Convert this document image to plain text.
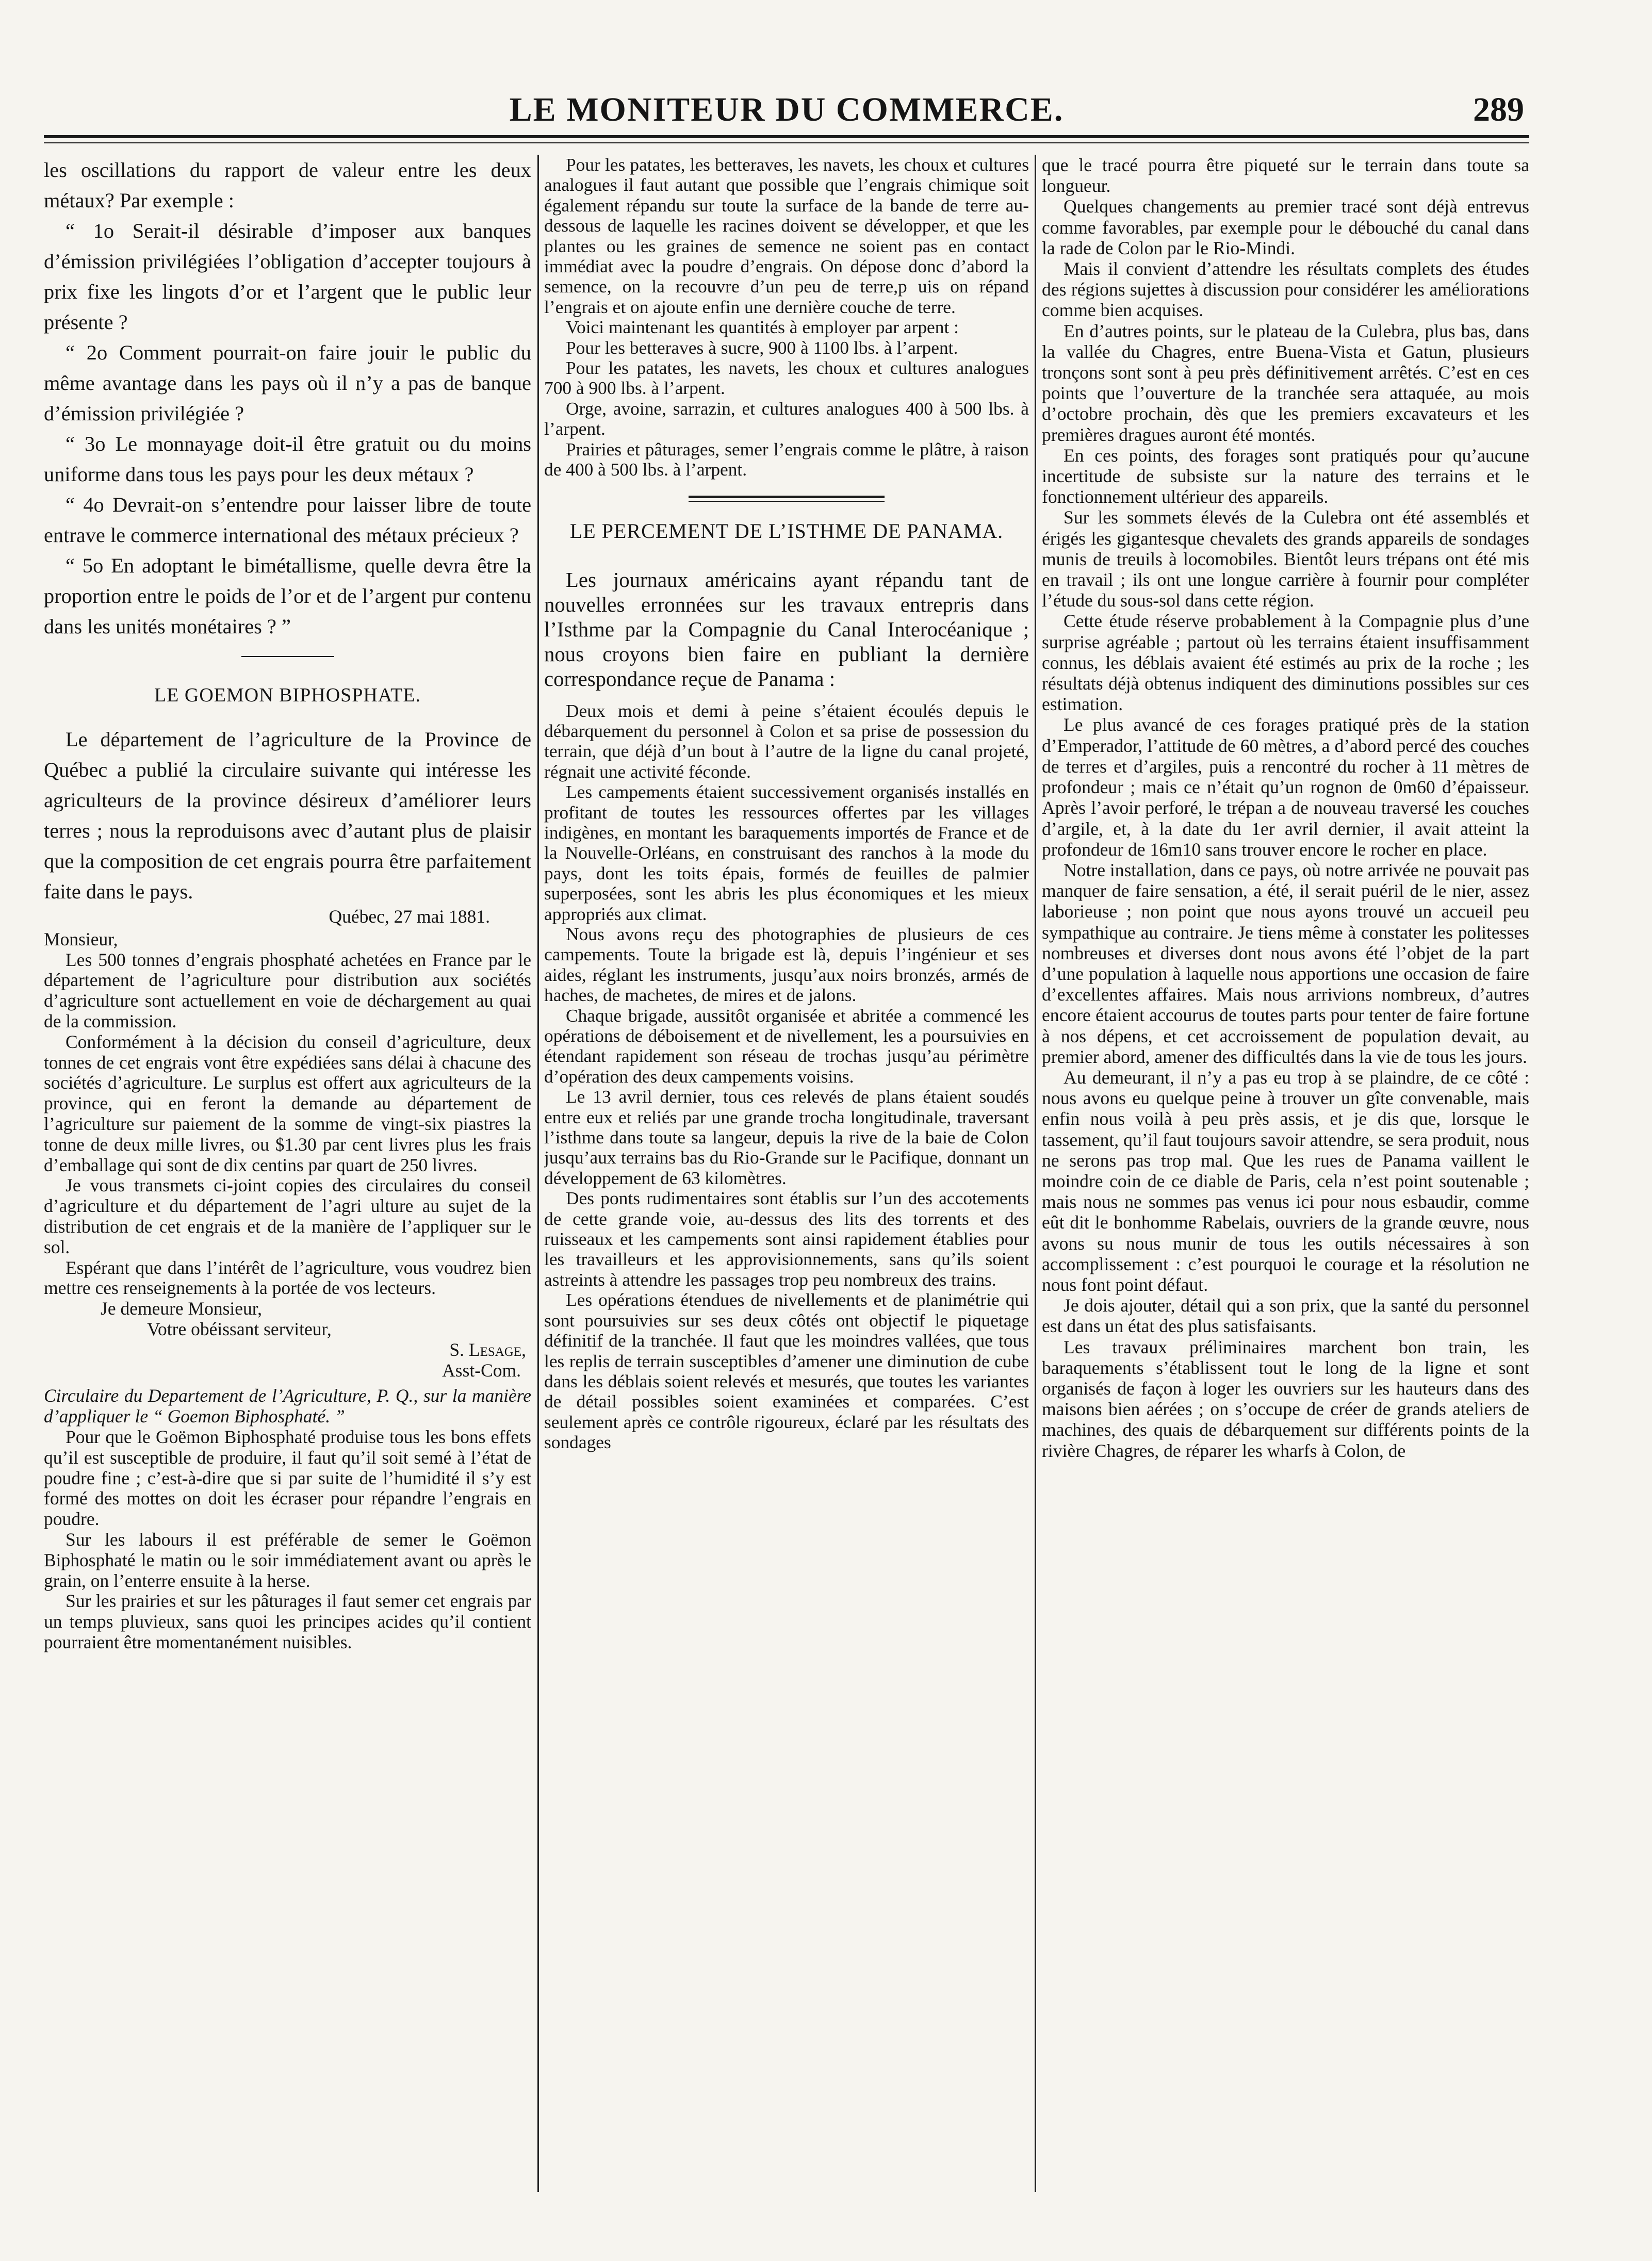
LE MONITEUR DU COMMERCE.	289

les oscillations du rapport de valeur entre les deux métaux? Par exemple :

“ 1o Serait-il désirable d’imposer aux banques d’émission privilégiées l’obligation d’accepter toujours à prix fixe les lingots d’or et l’argent que le public leur présente ?

“ 2o Comment pourrait-on faire jouir le public du même avantage dans les pays où il n’y a pas de banque d’émission privilégiée ?

“ 3o Le monnayage doit-il être gratuit ou du moins uniforme dans tous les pays pour les deux métaux ?

“ 4o Devrait-on s’entendre pour laisser libre de toute entrave le commerce international des métaux précieux ?

“ 5o En adoptant le bimétallisme, quelle devra être la proportion entre le poids de l’or et de l’argent pur contenu dans les unités monétaires ? ”

LE GOEMON BIPHOSPHATE.

Le département de l’agriculture de la Province de Québec a publié la circulaire suivante qui intéresse les agriculteurs de la province désireux d’améliorer leurs terres ; nous la reproduisons avec d’autant plus de plaisir que la composition de cet engrais pourra être parfaitement faite dans le pays.

Québec, 27 mai 1881.

Monsieur,

Les 500 tonnes d’engrais phosphaté achetées en France par le département de l’agriculture pour distribution aux sociétés d’agriculture sont actuellement en voie de déchargement au quai de la commission.

Conformément à la décision du conseil d’agriculture, deux tonnes de cet engrais vont être expédiées sans délai à chacune des sociétés d’agriculture. Le surplus est offert aux agriculteurs de la province, qui en feront la demande au département de l’agriculture sur paiement de la somme de vingt-six piastres la tonne de deux mille livres, ou $1.30 par cent livres plus les frais d’emballage qui sont de dix centins par quart de 250 livres.

Je vous transmets ci-joint copies des circulaires du conseil d’agriculture et du département de l’agri ulture au sujet de la distribution de cet engrais et de la manière de l’appliquer sur le sol.

Espérant que dans l’intérêt de l’agriculture, vous voudrez bien mettre ces renseignements à la portée de vos lecteurs.

Je demeure Monsieur,

Votre obéissant serviteur,

S. Lesage,

Asst-Com.

Circulaire du Departement de l’Agriculture, P. Q., sur la manière d’appliquer le “ Goemon Biphosphaté. ”

Pour que le Goëmon Biphosphaté produise tous les bons effets qu’il est susceptible de produire, il faut qu’il soit semé à l’état de poudre fine ; c’est-à-dire que si par suite de l’humidité il s’y est formé des mottes on doit les écraser pour répandre l’engrais en poudre.

Sur les labours il est préférable de semer le Goëmon Biphosphaté le matin ou le soir immédiatement avant ou après le grain, on l’enterre ensuite à la herse.

Sur les prairies et sur les pâturages il faut semer cet engrais par un temps pluvieux, sans quoi les principes acides qu’il contient pourraient être momentanément nuisibles.

Pour les patates, les betteraves, les navets, les choux et cultures analogues il faut autant que possible que l’engrais chimique soit également répandu sur toute la surface de la bande de terre au-dessous de laquelle les racines doivent se développer, et que les plantes ou les graines de semence ne soient pas en contact immédiat avec la poudre d’engrais. On dépose donc d’abord la semence, on la recouvre d’un peu de terre,p uis on répand l’engrais et on ajoute enfin une dernière couche de terre.

Voici maintenant les quantités à employer par arpent :

Pour les betteraves à sucre, 900 à 1100 lbs. à l’arpent.

Pour les patates, les navets, les choux et cultures analogues 700 à 900 lbs. à l’arpent.

Orge, avoine, sarrazin, et cultures analogues 400 à 500 lbs. à l’arpent.

Prairies et pâturages, semer l’engrais comme le plâtre, à raison de 400 à 500 lbs. à l’arpent.

LE PERCEMENT DE L’ISTHME DE PANAMA.

Les journaux américains ayant répandu tant de nouvelles erronnées sur les travaux entrepris dans l’Isthme par la Compagnie du Canal Interocéanique ; nous croyons bien faire en publiant la dernière correspondance reçue de Panama :

Deux mois et demi à peine s’étaient écoulés depuis le débarquement du personnel à Colon et sa prise de possession du terrain, que déjà d’un bout à l’autre de la ligne du canal projeté, régnait une activité féconde.

Les campements étaient successivement organisés installés en profitant de toutes les ressources offertes par les villages indigènes, en montant les baraquements importés de France et de la Nouvelle-Orléans, en construisant des ranchos à la mode du pays, dont les toits épais, formés de feuilles de palmier superposées, sont les abris les plus économiques et les mieux appropriés aux climat.

Nous avons reçu des photographies de plusieurs de ces campements. Toute la brigade est là, depuis l’ingénieur et ses aides, réglant les instruments, jusqu’aux noirs bronzés, armés de haches, de machetes, de mires et de jalons.

Chaque brigade, aussitôt organisée et abritée a commencé les opérations de déboisement et de nivellement, les a poursuivies en étendant rapidement son réseau de trochas jusqu’au périmètre d’opération des deux campements voisins.

Le 13 avril dernier, tous ces relevés de plans étaient soudés entre eux et reliés par une grande trocha longitudinale, traversant l’isthme dans toute sa langeur, depuis la rive de la baie de Colon jusqu’aux terrains bas du Rio-Grande sur le Pacifique, donnant un développement de 63 kilomètres.

Des ponts rudimentaires sont établis sur l’un des accotements de cette grande voie, au-dessus des lits des torrents et des ruisseaux et les campements sont ainsi rapidement établies pour les travailleurs et les approvisionnements, sans qu’ils soient astreints à attendre les passages trop peu nombreux des trains.

Les opérations étendues de nivellements et de planimétrie qui sont poursuivies sur ses deux côtés ont objectif le piquetage définitif de la tranchée. Il faut que les moindres vallées, que tous les replis de terrain susceptibles d’amener une diminution de cube dans les déblais soient relevés et mesurés, que toutes les variantes de détail possibles soient examinées et comparées. C’est seulement après ce contrôle rigoureux, éclaré par les résultats des sondages

que le tracé pourra être piqueté sur le terrain dans toute sa longueur.

Quelques changements au premier tracé sont déjà entrevus comme favorables, par exemple pour le débouché du canal dans la rade de Colon par le Rio-Mindi.

Mais il convient d’attendre les résultats complets des études des régions sujettes à discussion pour considérer les améliorations comme bien acquises.

En d’autres points, sur le plateau de la Culebra, plus bas, dans la vallée du Chagres, entre Buena-Vista et Gatun, plusieurs tronçons sont sont à peu près définitivement arrêtés. C’est en ces points que l’ouverture de la tranchée sera attaquée, au mois d’octobre prochain, dès que les premiers excavateurs et les premières dragues auront été montés.

En ces points, des forages sont pratiqués pour qu’aucune incertitude de subsiste sur la nature des terrains et le fonctionnement ultérieur des appareils.

Sur les sommets élevés de la Culebra ont été assemblés et érigés les gigantesque chevalets des grands appareils de sondages munis de treuils à locomobiles. Bientôt leurs trépans ont été mis en travail ; ils ont une longue carrière à fournir pour compléter l’étude du sous-sol dans cette région.

Cette étude réserve probablement à la Compagnie plus d’une surprise agréable ; partout où les terrains étaient insuffisamment connus, les déblais avaient été estimés au prix de la roche ; les résultats déjà obtenus indiquent des diminutions possibles sur ces estimation.

Le plus avancé de ces forages pratiqué près de la station d’Emperador, l’attitude de 60 mètres, a d’abord percé des couches de terres et d’argiles, puis a rencontré du rocher à 11 mètres de profondeur ; mais ce n’était qu’un rognon de 0m60 d’épaisseur. Après l’avoir perforé, le trépan a de nouveau traversé les couches d’argile, et, à la date du 1er avril dernier, il avait atteint la profondeur de 16m10 sans trouver encore le rocher en place.

Notre installation, dans ce pays, où notre arrivée ne pouvait pas manquer de faire sensation, a été, il serait puéril de le nier, assez laborieuse ; non point que nous ayons trouvé un accueil peu sympathique au contraire. Je tiens même à constater les politesses nombreuses et diverses dont nous avons été l’objet de la part d’une population à laquelle nous apportions une occasion de faire d’excellentes affaires. Mais nous arrivions nombreux, d’autres encore étaient accourus de toutes parts pour tenter de faire fortune à nos dépens, et cet accroissement de population devait, au premier abord, amener des difficultés dans la vie de tous les jours.

Au demeurant, il n’y a pas eu trop à se plaindre, de ce côté : nous avons eu quelque peine à trouver un gîte convenable, mais enfin nous voilà à peu près assis, et je dis que, lorsque le tassement, qu’il faut toujours savoir attendre, se sera produit, nous ne serons pas trop mal. Que les rues de Panama vaillent le moindre coin de ce diable de Paris, cela n’est point soutenable ; mais nous ne sommes pas venus ici pour nous esbaudir, comme eût dit le bonhomme Rabelais, ouvriers de la grande œuvre, nous avons su nous munir de tous les outils nécessaires à son accomplissement : c’est pourquoi le courage et la résolution ne nous font point défaut.

Je dois ajouter, détail qui a son prix, que la santé du personnel est dans un état des plus satisfaisants.

Les travaux préliminaires marchent bon train, les baraquements s’établissent tout le long de la ligne et sont organisés de façon à loger les ouvriers sur les hauteurs dans des maisons bien aérées ; on s’occupe de créer de grands ateliers de machines, des quais de débarquement sur différents points de la rivière Chagres, de réparer les wharfs à Colon, de
